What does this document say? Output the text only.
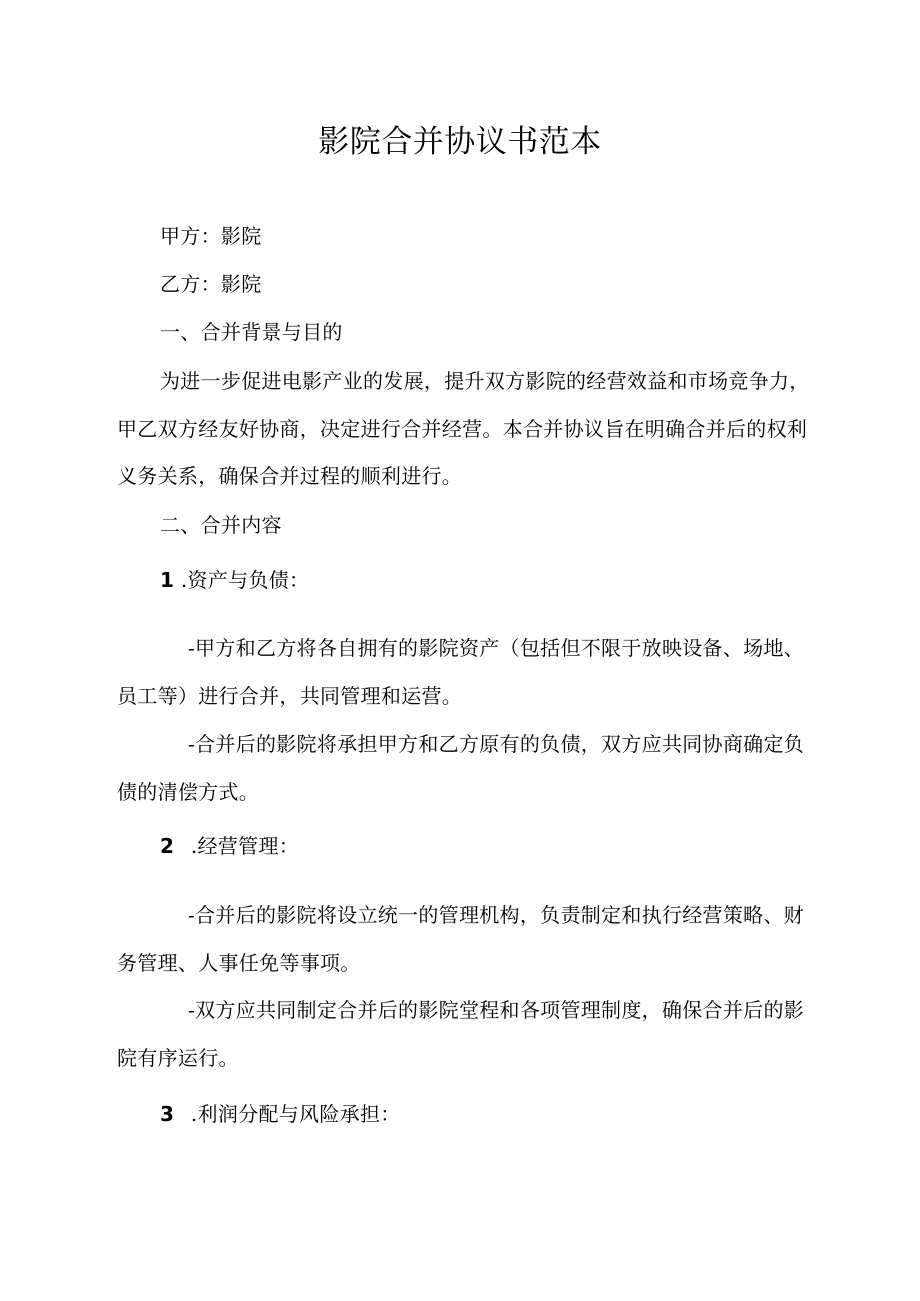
影院合并协议书范本
甲方：影院
乙方：影院
一、合并背景与目的
为进一步促进电影产业的发展，提升双方影院的经营效益和市场竞争力，
甲乙双方经友好协商，决定进行合并经营。本合并协议旨在明确合并后的权利
义务关系，确保合并过程的顺利进行。
二、合并内容
1 .资产与负债：
-甲方和乙方将各自拥有的影院资产（包括但不限于放映设备、场地、
员工等）进行合并，共同管理和运营。
-合并后的影院将承担甲方和乙方原有的负债，双方应共同协商确定负
债的清偿方式。
2 .经营管理：
-合并后的影院将设立统一的管理机构，负责制定和执行经营策略、财
务管理、人事任免等事项。
-双方应共同制定合并后的影院堂程和各项管理制度，确保合并后的影
院有序运行。
3 .利润分配与风险承担：
